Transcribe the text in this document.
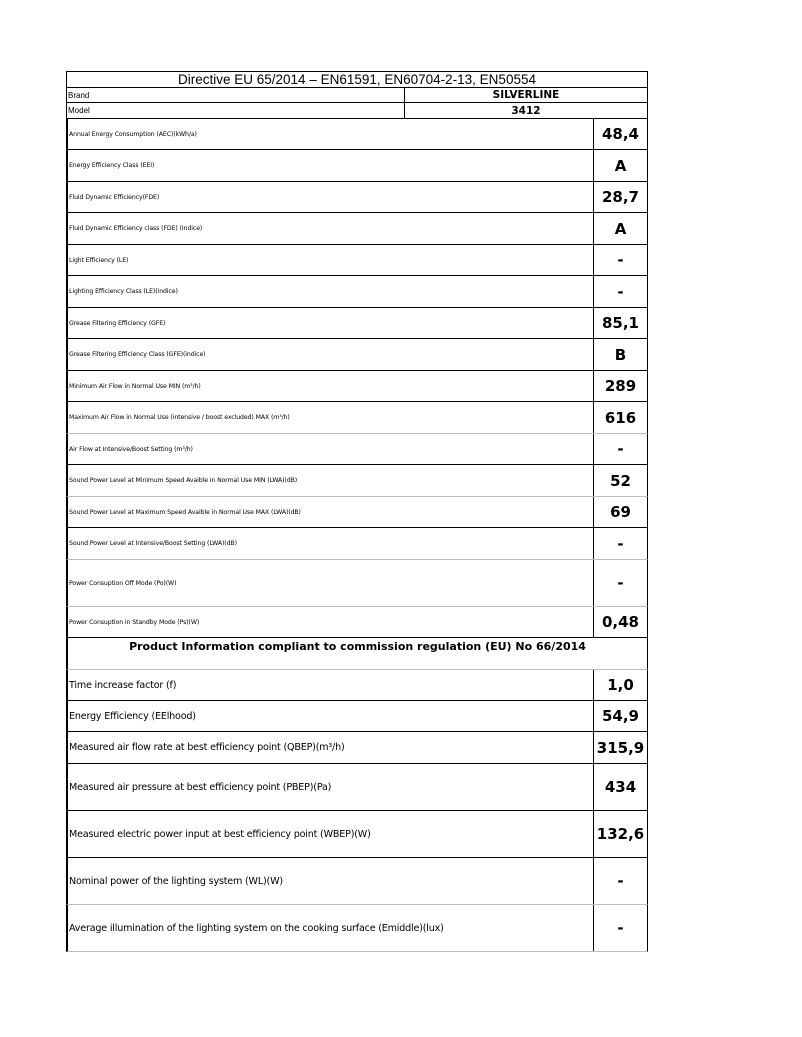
Directive EU 65/2014 – EN61591, EN60704-2-13, EN50554
Brand	SILVERLINE
Model	3412
Annual Energy Consumption (AEC)(kWh/a)	48,4
Energy Efficiency Class (EEI)	A
Fluid Dynamic Efficiency(FDE)	28,7
Fluid Dynamic Efficiency class (FDE) (Indice)	A
Light Efficiency (LE)	-
Lighting Efficiency Class (LE)(indice)	-
Grease Filtering Efficiency (GFE)	85,1
Grease Filtering Efficiency Class (GFE)(indice)	B
Minimum Air Flow in Normal Use MIN (m³/h)	289
Maximum Air Flow in Normal Use (intensive / boost excluded) MAX (m³/h)	616
Air Flow at Intensive/Boost Setting (m³/h)	-
Sound Power Level at Minimum Speed Avaible in Normal Use MIN (LWA)(dB)	52
Sound Power Level at Maximum Speed Avaible in Normal Use MAX (LWA)(dB)	69
Sound Power Level at Intensive/Boost Setting (LWA)(dB)	-
Power Consuption Off Mode (Po)(W)	-
Power Consuption in Standby Mode (Ps)(W)	0,48
Product Information compliant to commission regulation (EU) No 66/2014
Time increase factor (f)	1,0
Energy Efficiency (EElhood)	54,9
Measured air flow rate at best efficiency point (QBEP)(m³/h)	315,9
Measured air pressure at best efficiency point (PBEP)(Pa)	434
Measured electric power input at best efficiency point (WBEP)(W)	132,6
Nominal power of the lighting system (WL)(W)	-
Average illumination of the lighting system on the cooking surface (Emiddle)(lux)	-
